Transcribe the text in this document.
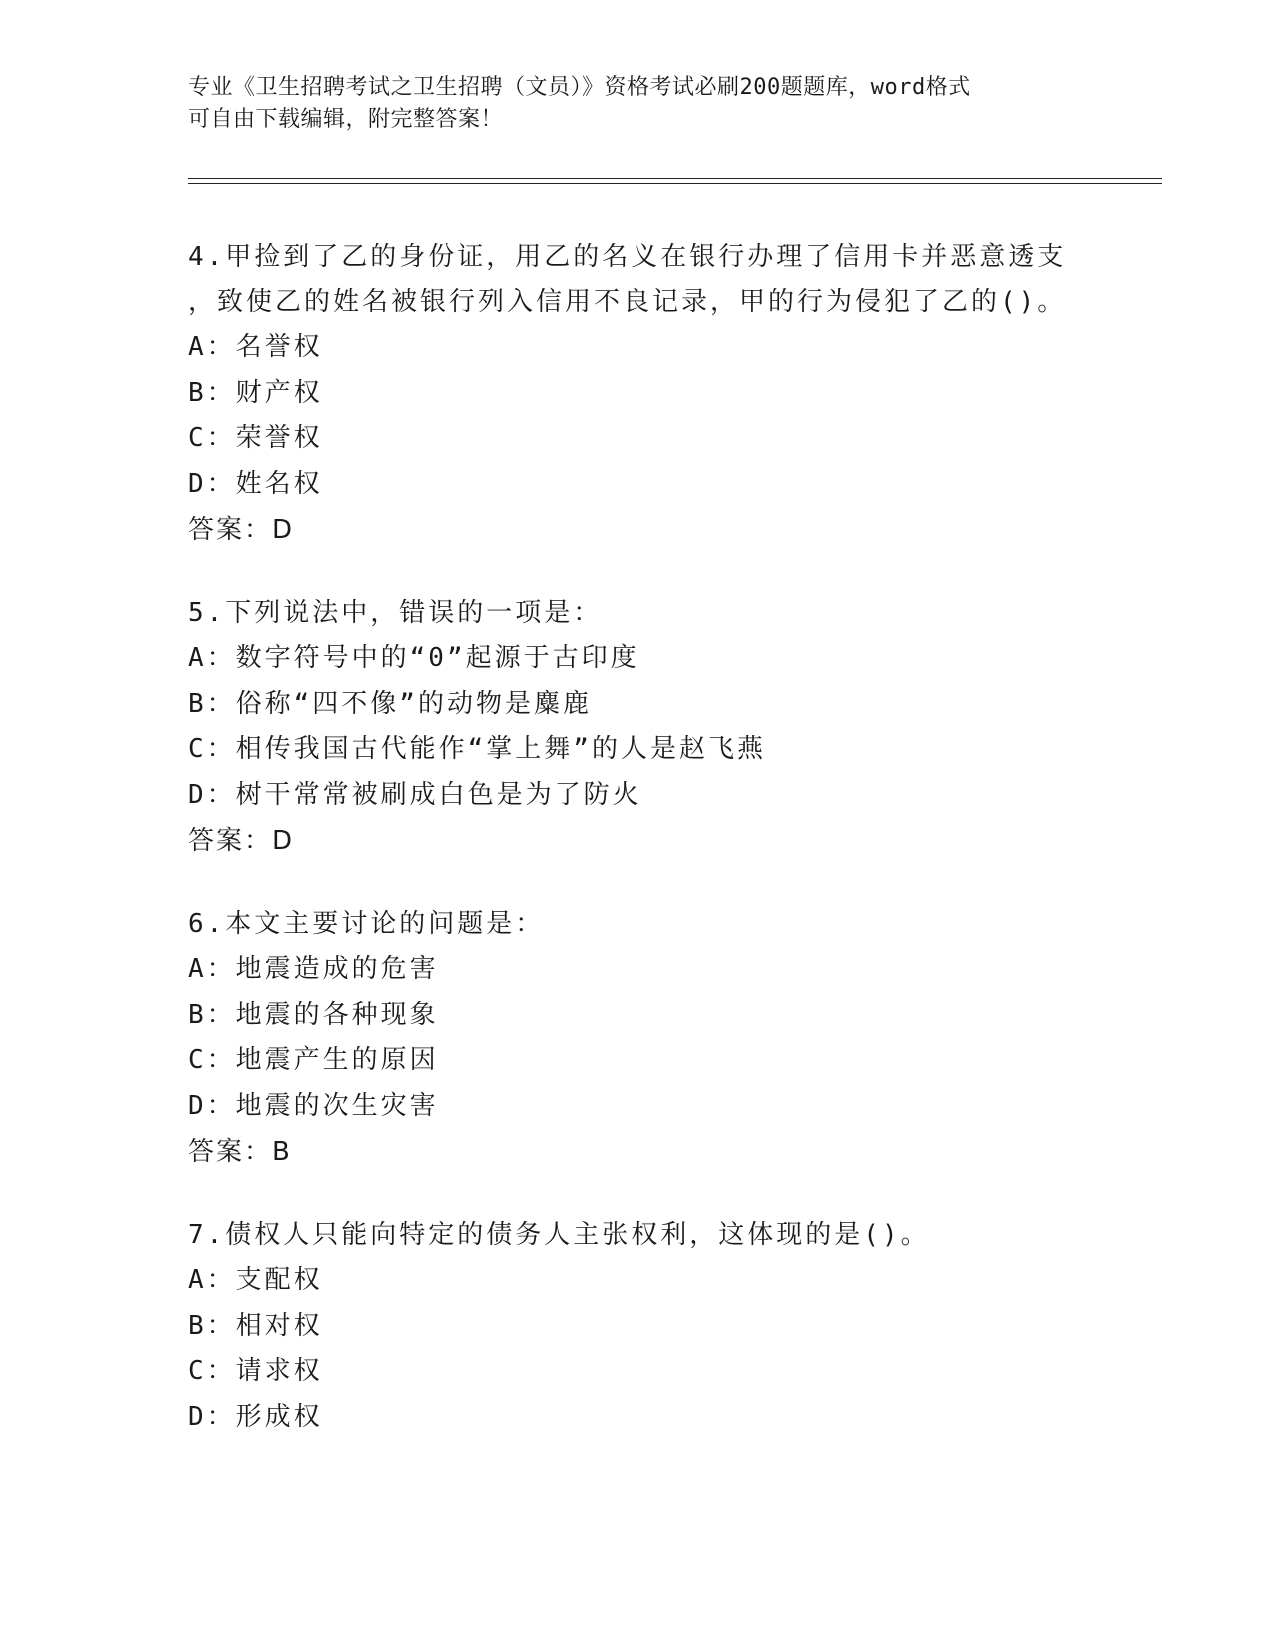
专业《卫生招聘考试之卫生招聘（文员）》资格考试必刷200题题库，word格式
可自由下载编辑，附完整答案！
4.甲捡到了乙的身份证，用乙的名义在银行办理了信用卡并恶意透支
，致使乙的姓名被银行列入信用不良记录，甲的行为侵犯了乙的()。
A：名誉权
B：财产权
C：荣誉权
D：姓名权
答案：D
5.下列说法中，错误的一项是：
A：数字符号中的“0”起源于古印度
B：俗称“四不像”的动物是麋鹿
C：相传我国古代能作“掌上舞”的人是赵飞燕
D：树干常常被刷成白色是为了防火
答案：D
6.本文主要讨论的问题是：
A：地震造成的危害
B：地震的各种现象
C：地震产生的原因
D：地震的次生灾害
答案：B
7.债权人只能向特定的债务人主张权利，这体现的是()。
A：支配权
B：相对权
C：请求权
D：形成权
